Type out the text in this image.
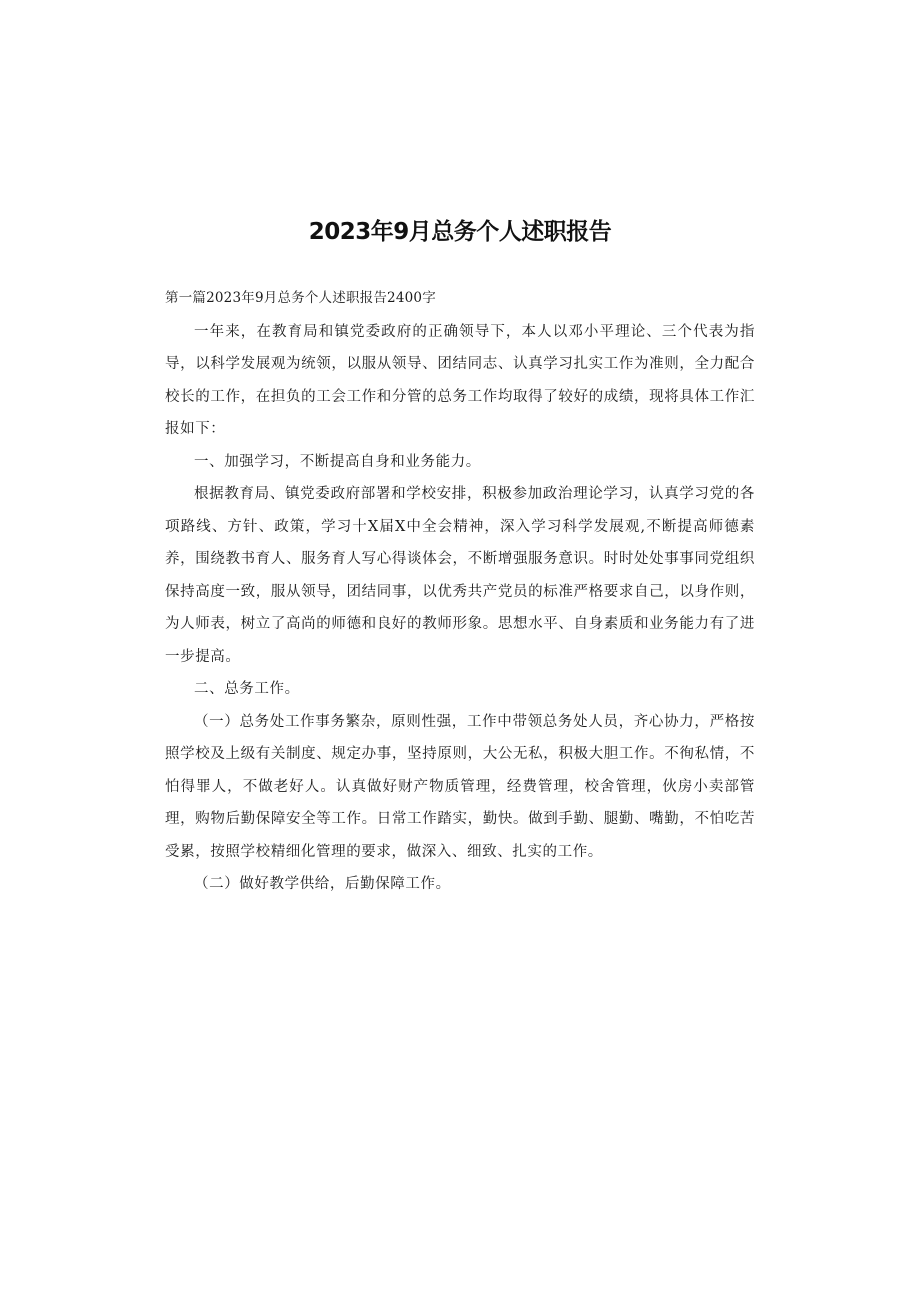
2023年9月总务个人述职报告

第一篇2023年9月总务个人述职报告2400字

一年来，在教育局和镇党委政府的正确领导下，本人以邓小平理论、三个代表为指导，以科学发展观为统领，以服从领导、团结同志、认真学习扎实工作为准则，全力配合校长的工作，在担负的工会工作和分管的总务工作均取得了较好的成绩，现将具体工作汇报如下：

一、加强学习，不断提高自身和业务能力。

根据教育局、镇党委政府部署和学校安排，积极参加政治理论学习，认真学习党的各项路线、方针、政策，学习十X届X中全会精神，深入学习科学发展观,不断提高师德素养，围绕教书育人、服务育人写心得谈体会，不断增强服务意识。时时处处事事同党组织保持高度一致，服从领导，团结同事，以优秀共产党员的标准严格要求自己，以身作则，为人师表，树立了高尚的师德和良好的教师形象。思想水平、自身素质和业务能力有了进一步提高。

二、总务工作。

（一）总务处工作事务繁杂，原则性强，工作中带领总务处人员，齐心协力，严格按照学校及上级有关制度、规定办事，坚持原则，大公无私，积极大胆工作。不徇私情，不怕得罪人，不做老好人。认真做好财产物质管理，经费管理，校舍管理，伙房小卖部管理，购物后勤保障安全等工作。日常工作踏实，勤快。做到手勤、腿勤、嘴勤，不怕吃苦受累，按照学校精细化管理的要求，做深入、细致、扎实的工作。

（二）做好教学供给，后勤保障工作。
